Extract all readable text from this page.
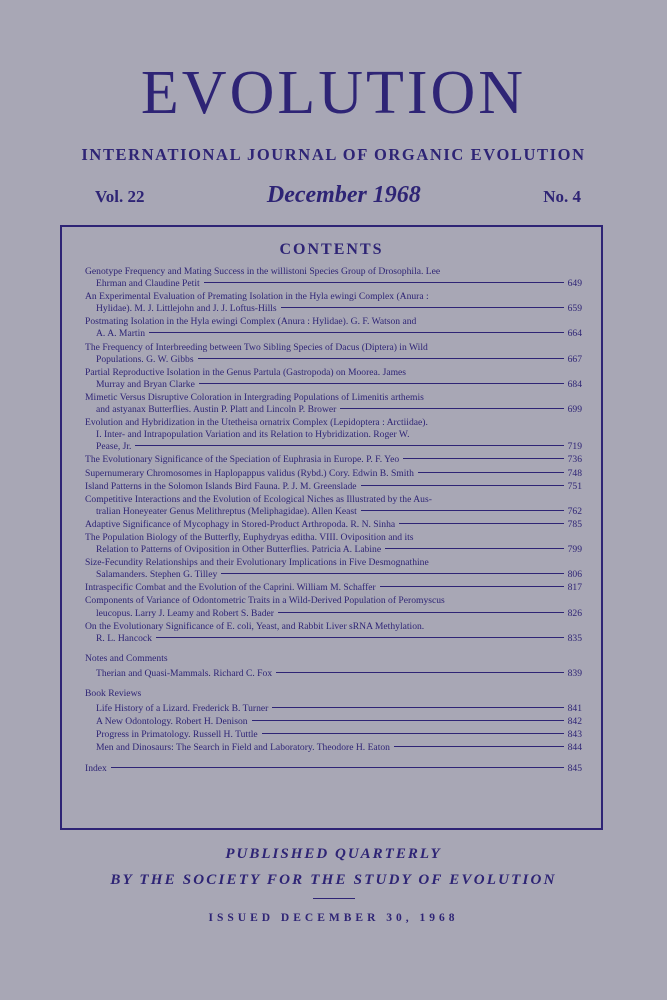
EVOLUTION
INTERNATIONAL JOURNAL OF ORGANIC EVOLUTION
Vol. 22	December 1968	No. 4
CONTENTS
Genotype Frequency and Mating Success in the willistoni Species Group of Drosophila. Lee
Ehrman and Claudine Petit	649
An Experimental Evaluation of Premating Isolation in the Hyla ewingi Complex (Anura :
Hylidae). M. J. Littlejohn and J. J. Loftus-Hills	659
Postmating Isolation in the Hyla ewingi Complex (Anura : Hylidae). G. F. Watson and
A. A. Martin	664
The Frequency of Interbreeding between Two Sibling Species of Dacus (Diptera) in Wild
Populations. G. W. Gibbs	667
Partial Reproductive Isolation in the Genus Partula (Gastropoda) on Moorea. James
Murray and Bryan Clarke	684
Mimetic Versus Disruptive Coloration in Intergrading Populations of Limenitis arthemis
and astyanax Butterflies. Austin P. Platt and Lincoln P. Brower	699
Evolution and Hybridization in the Utetheisa ornatrix Complex (Lepidoptera : Arctiidae).
I. Inter- and Intrapopulation Variation and its Relation to Hybridization. Roger W.
Pease, Jr.	719
The Evolutionary Significance of the Speciation of Euphrasia in Europe. P. F. Yeo	736
Supernumerary Chromosomes in Haplopappus validus (Rybd.) Cory. Edwin B. Smith	748
Island Patterns in the Solomon Islands Bird Fauna. P. J. M. Greenslade	751
Competitive Interactions and the Evolution of Ecological Niches as Illustrated by the Aus-
tralian Honeyeater Genus Melithreptus (Meliphagidae). Allen Keast	762
Adaptive Significance of Mycophagy in Stored-Product Arthropoda. R. N. Sinha	785
The Population Biology of the Butterfly, Euphydryas editha. VIII. Oviposition and its
Relation to Patterns of Oviposition in Other Butterflies. Patricia A. Labine	799
Size-Fecundity Relationships and their Evolutionary Implications in Five Desmognathine
Salamanders. Stephen G. Tilley	806
Intraspecific Combat and the Evolution of the Caprini. William M. Schaffer	817
Components of Variance of Odontometric Traits in a Wild-Derived Population of Peromyscus
leucopus. Larry J. Leamy and Robert S. Bader	826
On the Evolutionary Significance of E. coli, Yeast, and Rabbit Liver sRNA Methylation.
R. L. Hancock	835
Notes and Comments
Therian and Quasi-Mammals. Richard C. Fox	839
Book Reviews
Life History of a Lizard. Frederick B. Turner	841
A New Odontology. Robert H. Denison	842
Progress in Primatology. Russell H. Tuttle	843
Men and Dinosaurs: The Search in Field and Laboratory. Theodore H. Eaton	844
Index	845
PUBLISHED QUARTERLY
BY THE SOCIETY FOR THE STUDY OF EVOLUTION
ISSUED DECEMBER 30, 1968
